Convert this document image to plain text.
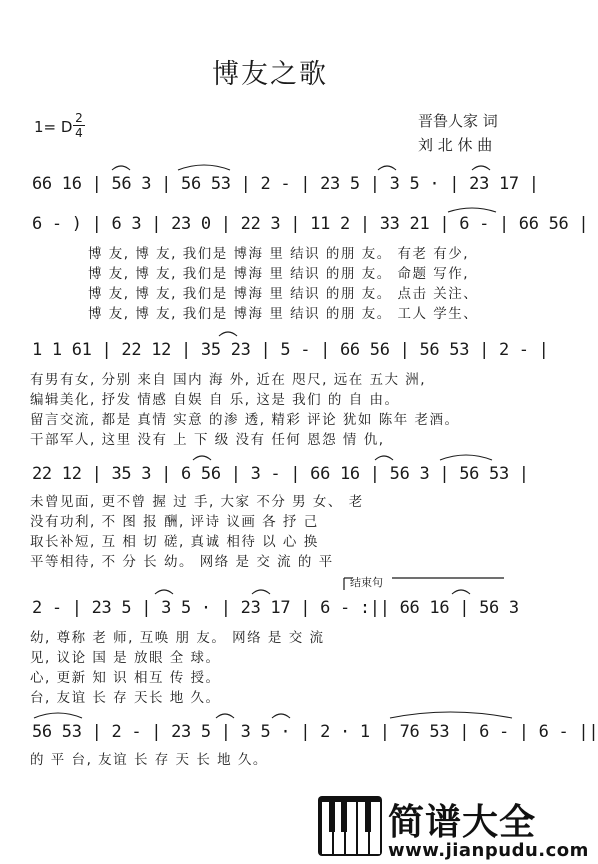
博友之歌
1= D 2
4
晋鲁人家 词
刘 北 休 曲
66 16 | 56 3 | 56 53 | 2 - | 23 5 | 3 5 · | 23 17 |
6 - ) | 6 3 | 23 0 | 22 3 | 11 2 | 33 21 | 6 - | 66 56 |
博 友, 博 友, 我们是 博海 里 结识 的朋 友。 有老 有少,
博 友, 博 友, 我们是 博海 里 结识 的朋 友。 命题 写作,
博 友, 博 友, 我们是 博海 里 结识 的朋 友。 点击 关注、
博 友, 博 友, 我们是 博海 里 结识 的朋 友。 工人 学生、
1 1 61 | 22 12 | 35 23 | 5 - | 66 56 | 56 53 | 2 - |
有男有女, 分别 来自 国内 海 外, 近在 咫尺, 远在 五大 洲,
编辑美化, 抒发 情感 自娱 自 乐, 这是 我们 的 自 由。
留言交流, 都是 真情 实意 的渗 透, 精彩 评论 犹如 陈年 老酒。
干部军人, 这里 没有 上 下 级 没有 任何 恩怨 情 仇,
22 12 | 35 3 | 6 56 | 3 - | 66 16 | 56 3 | 56 53 |
未曾见面, 更不曾 握 过 手, 大家 不分 男 女、 老
没有功利, 不 图 报 酬, 评诗 议画 各 抒 己
取长补短, 互 相 切 磋, 真诚 相待 以 心 换
平等相待, 不 分 长 幼。 网络 是 交 流 的 平
结束句
2 - | 23 5 | 3 5 · | 23 17 | 6 - :|| 66 16 | 56 3
幼, 尊称 老 师, 互唤 朋 友。 网络 是 交 流
见, 议论 国 是 放眼 全 球。
心, 更新 知 识 相互 传 授。
台, 友谊 长 存 天长 地 久。
56 53 | 2 - | 23 5 | 3 5 · | 2 · 1 | 76 53 | 6 - | 6 - ||
的 平 台, 友谊 长 存 天 长 地 久。
简谱大全
www.jianpudu.com
